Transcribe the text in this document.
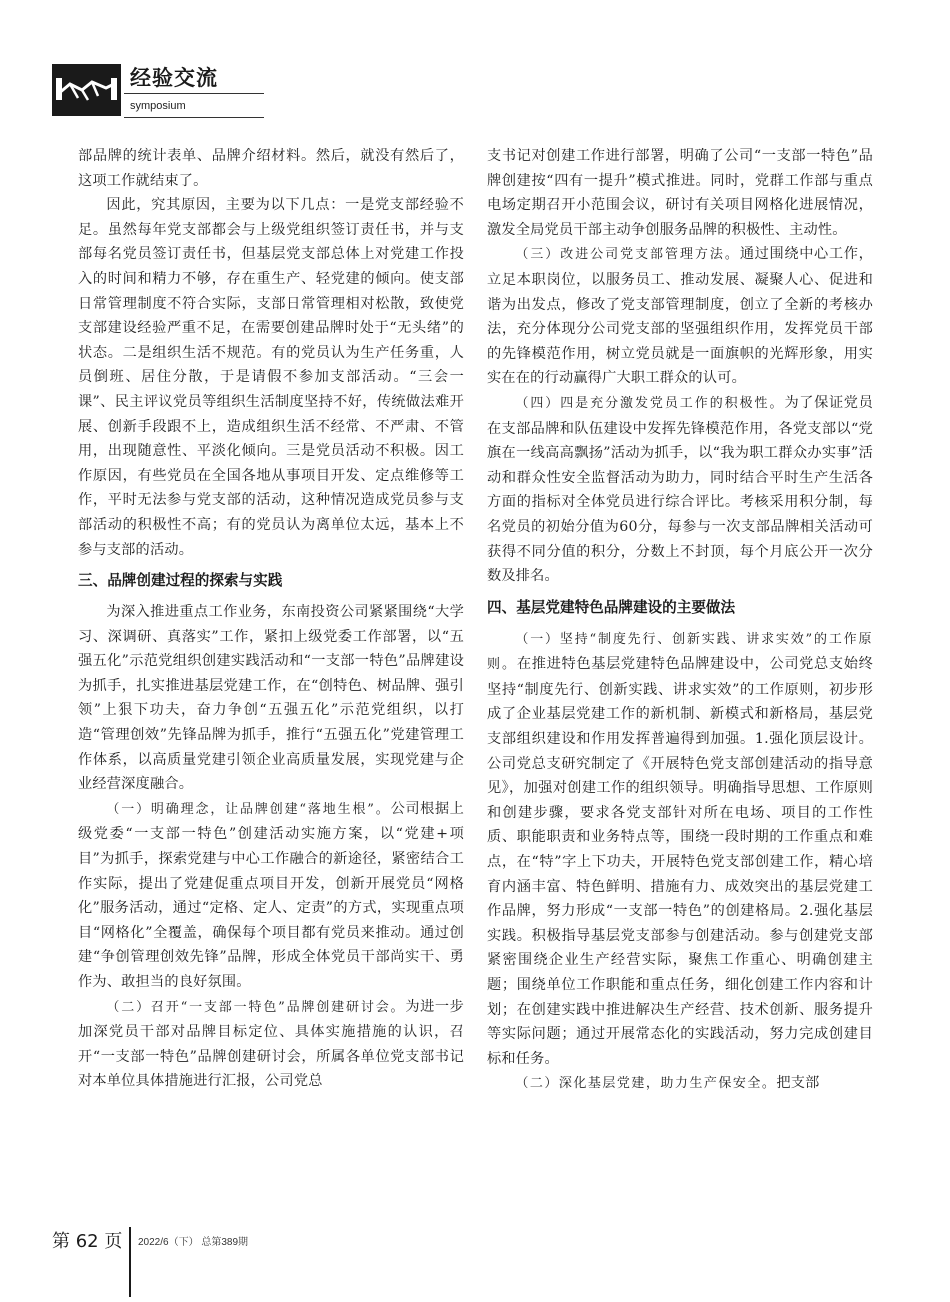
经验交流
symposium

部品牌的统计表单、品牌介绍材料。然后，就没有然后了，这项工作就结束了。

因此，究其原因，主要为以下几点：一是党支部经验不足。虽然每年党支部都会与上级党组织签订责任书，并与支部每名党员签订责任书，但基层党支部总体上对党建工作投入的时间和精力不够，存在重生产、轻党建的倾向。使支部日常管理制度不符合实际，支部日常管理相对松散，致使党支部建设经验严重不足，在需要创建品牌时处于“无头绪”的状态。二是组织生活不规范。有的党员认为生产任务重，人员倒班、居住分散，于是请假不参加支部活动。“三会一课”、民主评议党员等组织生活制度坚持不好，传统做法难开展、创新手段跟不上，造成组织生活不经常、不严肃、不管用，出现随意性、平淡化倾向。三是党员活动不积极。因工作原因，有些党员在全国各地从事项目开发、定点维修等工作，平时无法参与党支部的活动，这种情况造成党员参与支部活动的积极性不高；有的党员认为离单位太远，基本上不参与支部的活动。

三、品牌创建过程的探索与实践

为深入推进重点工作业务，东南投资公司紧紧围绕“大学习、深调研、真落实”工作，紧扣上级党委工作部署，以“五强五化”示范党组织创建实践活动和“一支部一特色”品牌建设为抓手，扎实推进基层党建工作，在“创特色、树品牌、强引领”上狠下功夫，奋力争创“五强五化”示范党组织，以打造“管理创效”先锋品牌为抓手，推行“五强五化”党建管理工作体系，以高质量党建引领企业高质量发展，实现党建与企业经营深度融合。

（一）明确理念，让品牌创建“落地生根”。公司根据上级党委“一支部一特色”创建活动实施方案，以“党建+项目”为抓手，探索党建与中心工作融合的新途径，紧密结合工作实际，提出了党建促重点项目开发，创新开展党员“网格化”服务活动，通过“定格、定人、定责”的方式，实现重点项目“网格化”全覆盖，确保每个项目都有党员来推动。通过创建“争创管理创效先锋”品牌，形成全体党员干部尚实干、勇作为、敢担当的良好氛围。

（二）召开“一支部一特色”品牌创建研讨会。为进一步加深党员干部对品牌目标定位、具体实施措施的认识，召开“一支部一特色”品牌创建研讨会，所属各单位党支部书记对本单位具体措施进行汇报，公司党总

支书记对创建工作进行部署，明确了公司“一支部一特色”品牌创建按“四有一提升”模式推进。同时，党群工作部与重点电场定期召开小范围会议，研讨有关项目网格化进展情况，激发全局党员干部主动争创服务品牌的积极性、主动性。

（三）改进公司党支部管理方法。通过围绕中心工作，立足本职岗位，以服务员工、推动发展、凝聚人心、促进和谐为出发点，修改了党支部管理制度，创立了全新的考核办法，充分体现分公司党支部的坚强组织作用，发挥党员干部的先锋模范作用，树立党员就是一面旗帜的光辉形象，用实实在在的行动赢得广大职工群众的认可。

（四）四是充分激发党员工作的积极性。为了保证党员在支部品牌和队伍建设中发挥先锋模范作用，各党支部以“党旗在一线高高飘扬”活动为抓手，以“我为职工群众办实事”活动和群众性安全监督活动为助力，同时结合平时生产生活各方面的指标对全体党员进行综合评比。考核采用积分制，每名党员的初始分值为60分，每参与一次支部品牌相关活动可获得不同分值的积分，分数上不封顶，每个月底公开一次分数及排名。

四、基层党建特色品牌建设的主要做法

（一）坚持“制度先行、创新实践、讲求实效”的工作原则。在推进特色基层党建特色品牌建设中，公司党总支始终坚持“制度先行、创新实践、讲求实效”的工作原则，初步形成了企业基层党建工作的新机制、新模式和新格局，基层党支部组织建设和作用发挥普遍得到加强。1.强化顶层设计。公司党总支研究制定了《开展特色党支部创建活动的指导意见》，加强对创建工作的组织领导。明确指导思想、工作原则和创建步骤，要求各党支部针对所在电场、项目的工作性质、职能职责和业务特点等，围绕一段时期的工作重点和难点，在“特”字上下功夫，开展特色党支部创建工作，精心培育内涵丰富、特色鲜明、措施有力、成效突出的基层党建工作品牌，努力形成“一支部一特色”的创建格局。2.强化基层实践。积极指导基层党支部参与创建活动。参与创建党支部紧密围绕企业生产经营实际，聚焦工作重心、明确创建主题；围绕单位工作职能和重点任务，细化创建工作内容和计划；在创建实践中推进解决生产经营、技术创新、服务提升等实际问题；通过开展常态化的实践活动，努力完成创建目标和任务。

（二）深化基层党建，助力生产保安全。把支部

第 62 页 2022/6（下） 总第389期
